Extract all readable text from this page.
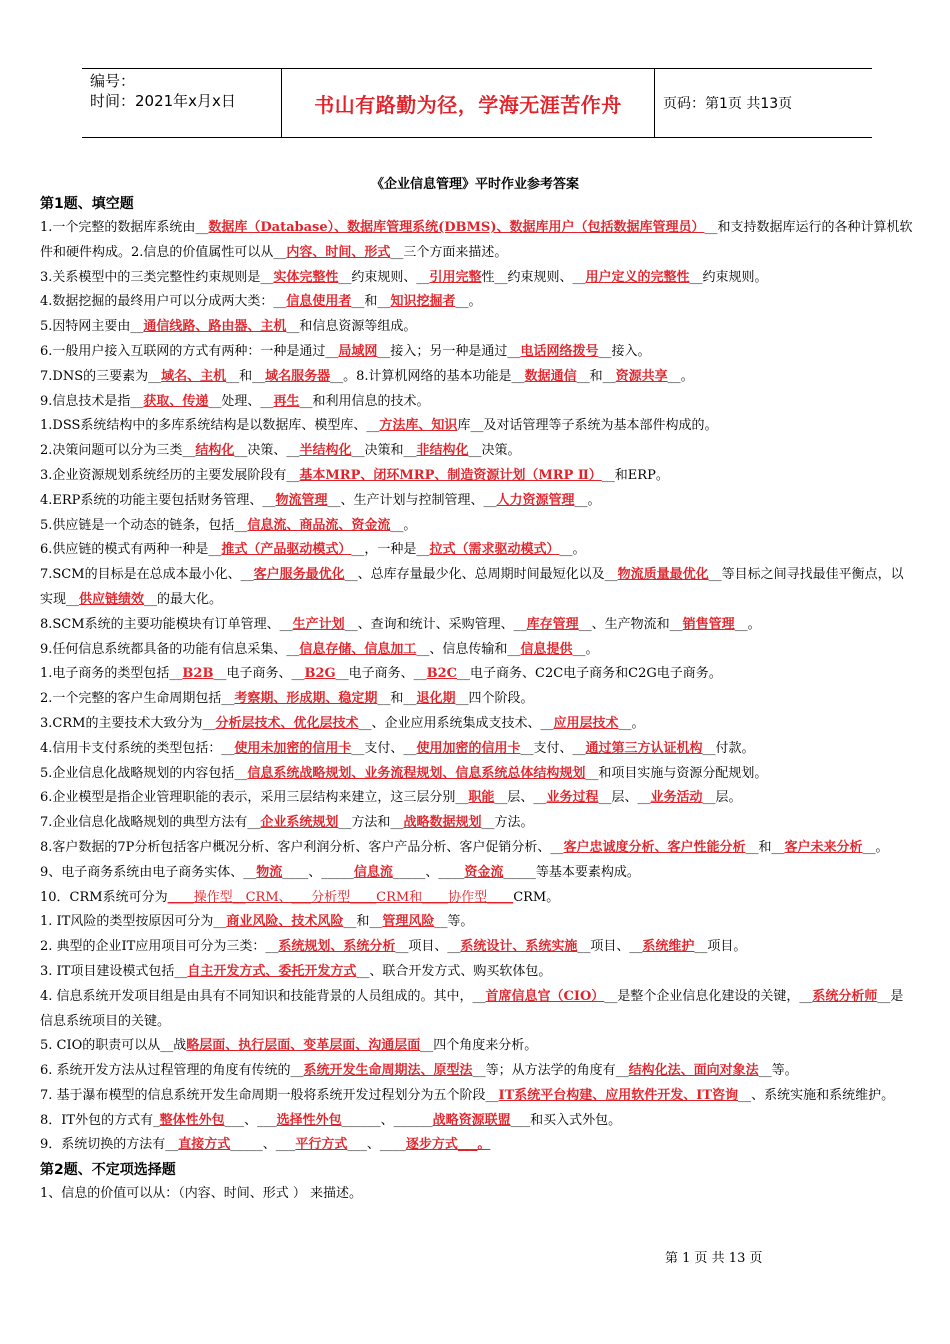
编号：
时间：2021年x月x日	书山有路勤为径，学海无涯苦作舟	页码：第1页 共13页
《企业信息管理》平时作业参考答案
第1题、填空题
1.一个完整的数据库系统由__数据库（Database）、数据库管理系统(DBMS)、数据库用户（包括数据库管理员）__和支持数据库运行的各种计算机软件和硬件构成。2.信息的价值属性可以从__内容、时间、形式__三个方面来描述。
3.关系模型中的三类完整性约束规则是__实体完整性__约束规则、__引用完整性__约束规则、__用户定义的完整性__约束规则。
4.数据挖掘的最终用户可以分成两大类：__信息使用者__和__知识挖掘者__。
5.因特网主要由__通信线路、路由器、主机__和信息资源等组成。
6.一般用户接入互联网的方式有两种：一种是通过__局域网__接入；另一种是通过__电话网络拨号__接入。
7.DNS的三要素为__域名、主机__和__域名服务器__。8.计算机网络的基本功能是__数据通信__和__资源共享__。
9.信息技术是指__获取、传递__处理、__再生__和利用信息的技术。
1.DSS系统结构中的多库系统结构是以数据库、模型库、__方法库、知识库__及对话管理等子系统为基本部件构成的。
2.决策问题可以分为三类__结构化__决策、__半结构化__决策和__非结构化__决策。
3.企业资源规划系统经历的主要发展阶段有__基本MRP、闭环MRP、制造资源计划（MRP Ⅱ）__和ERP。
4.ERP系统的功能主要包括财务管理、__物流管理__、生产计划与控制管理、__人力资源管理__。
5.供应链是一个动态的链条，包括__信息流、商品流、资金流__。
6.供应链的模式有两种一种是__推式（产品驱动模式）__，一种是__拉式（需求驱动模式）__。
7.SCM的目标是在总成本最小化、__客户服务最优化__、总库存量最少化、总周期时间最短化以及__物流质量最优化__等目标之间寻找最佳平衡点，以实现__供应链绩效__的最大化。
8.SCM系统的主要功能模块有订单管理、__生产计划__、查询和统计、采购管理、__库存管理__、生产物流和__销售管理__。
9.任何信息系统都具备的功能有信息采集、__信息存储、信息加工__、信息传输和__信息提供__。
1.电子商务的类型包括__B2B__电子商务、__B2G__电子商务、__B2C__电子商务、C2C电子商务和C2G电子商务。
2.一个完整的客户生命周期包括__考察期、形成期、稳定期__和__退化期__四个阶段。
3.CRM的主要技术大致分为__分析层技术、优化层技术__、企业应用系统集成支技术、__应用层技术__。
4.信用卡支付系统的类型包括：__使用未加密的信用卡__支付、__使用加密的信用卡__支付、__通过第三方认证机构__付款。
5.企业信息化战略规划的内容包括__信息系统战略规划、业务流程规划、信息系统总体结构规划__和项目实施与资源分配规划。
6.企业模型是指企业管理职能的表示，采用三层结构来建立，这三层分别__职能__层、__业务过程__层、__业务活动__层。
7.企业信息化战略规划的典型方法有__企业系统规划__方法和__战略数据规划__方法。
8.客户数据的7P分析包括客户概况分析、客户利润分析、客户产品分析、客户促销分析、__客户忠诚度分析、客户性能分析__和__客户未来分析__。
9、电子商务系统由电子商务实体、__物流____、_____信息流_____、____资金流_____等基本要素构成。
10．CRM系统可分为____操作型__CRM、___分析型____CRM和____协作型____CRM。
1. IT风险的类型按原因可分为__商业风险、技术风险__和__管理风险__等。
2. 典型的企业IT应用项目可分为三类：__系统规划、系统分析__项目、__系统设计、系统实施__项目、__系统维护__项目。
3. IT项目建设模式包括__自主开发方式、委托开发方式__、联合开发方式、购买软体包。
4. 信息系统开发项目组是由具有不同知识和技能背景的人员组成的。其中，__首席信息官（CIO）__是整个企业信息化建设的关键，__系统分析师__是信息系统项目的关键。
5. CIO的职责可以从__战略层面、执行层面、变革层面、沟通层面__四个角度来分析。
6. 系统开发方法从过程管理的角度有传统的__系统开发生命周期法、原型法__等；从方法学的角度有__结构化法、面向对象法__等。
7. 基于瀑布模型的信息系统开发生命周期一般将系统开发过程划分为五个阶段__IT系统平台构建、应用软件开发、IT咨询__、系统实施和系统维护。8．IT外包的方式有_整体性外包___、___选择性外包______、______战略资源联盟___和买入式外包。
9．系统切换的方法有__直接方式_____、___平行方式___、____逐步方式___。
第2题、不定项选择题
1、信息的价值可以从：（内容、时间、形式 ） 来描述。
第 1 页 共 13 页
